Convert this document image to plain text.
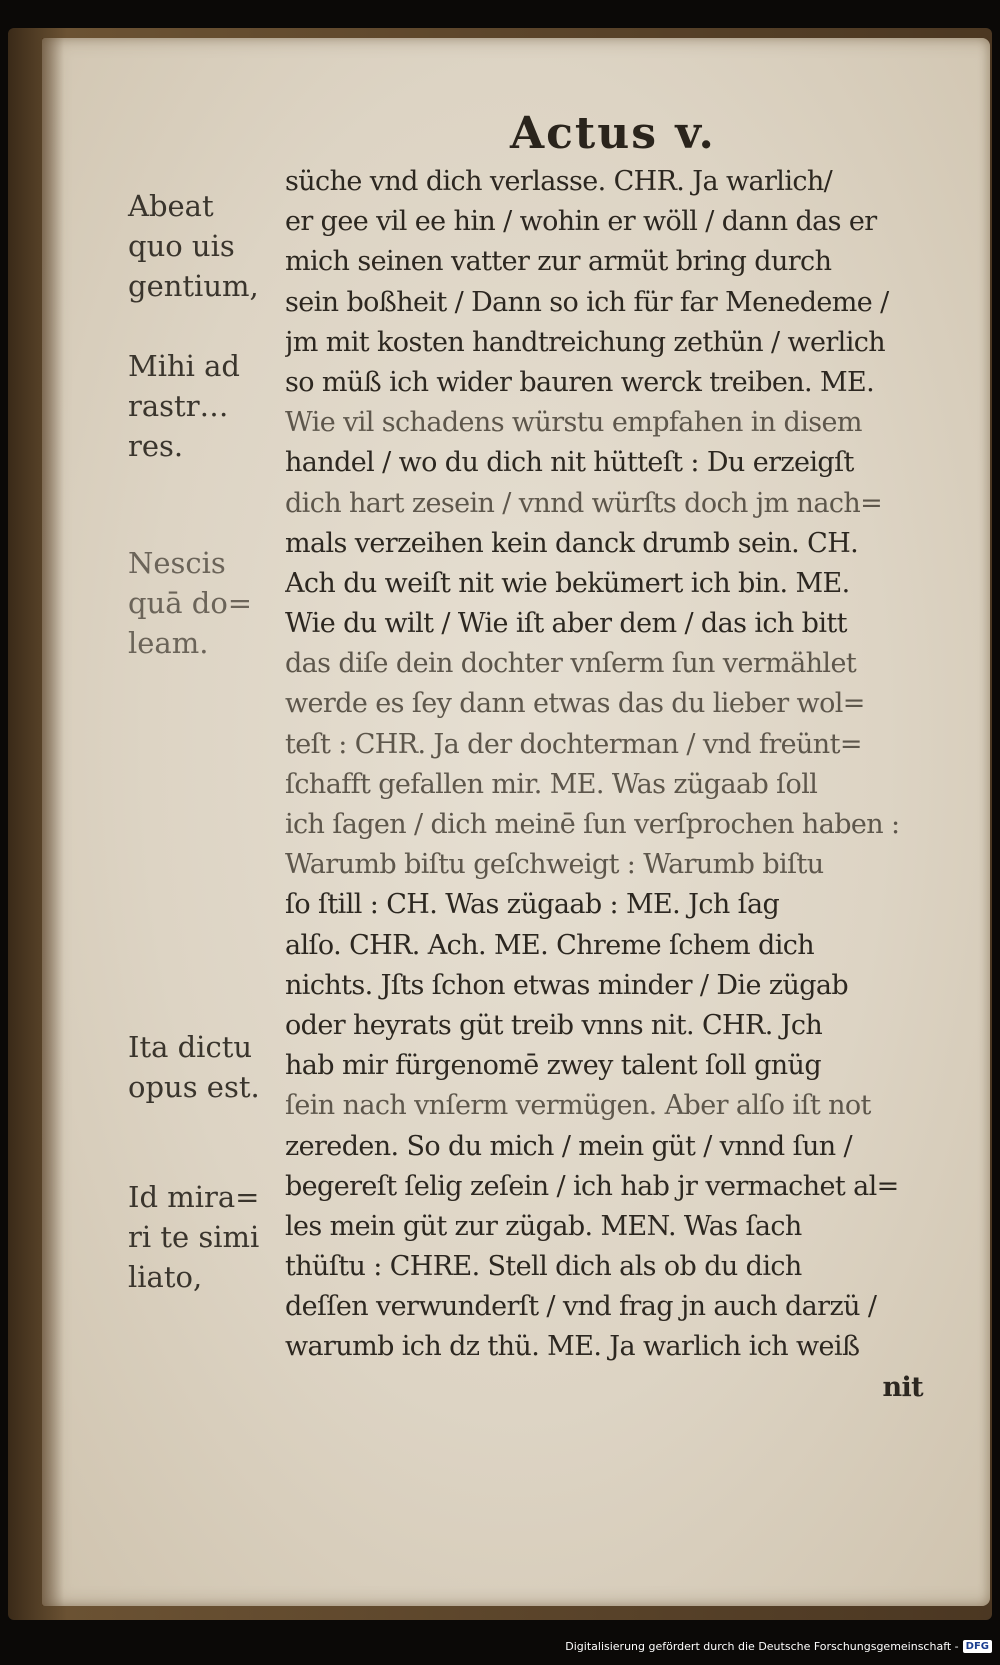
Actus v.
süche vnd dich verlasse. CHR. Ja warlich/
er gee vil ee hin / wohin er wöll / dann das er
mich seinen vatter zur armüt bring durch
sein boßheit / Dann so ich für far Menedeme /
jm mit kosten handtreichung zethün / werlich
so müß ich wider bauren werck treiben. ME.
Wie vil schadens würstu empfahen in disem
handel / wo du dich nit hütteſt : Du erzeigſt
dich hart zesein / vnnd würſts doch jm nach=
mals verzeihen kein danck drumb sein. CH.
Ach du weiſt nit wie bekümert ich bin. ME.
Wie du wilt / Wie iſt aber dem / das ich bitt
das diſe dein dochter vnſerm ſun vermählet
werde es ſey dann etwas das du lieber wol=
teſt : CHR. Ja der dochterman / vnd freünt=
ſchafft gefallen mir. ME. Was zügaab ſoll
ich ſagen / dich meinē ſun verſprochen haben :
Warumb biſtu geſchweigt : Warumb biſtu
ſo ſtill : CH. Was zügaab : ME. Jch ſag
alſo. CHR. Ach. ME. Chreme ſchem dich
nichts. Jſts ſchon etwas minder / Die zügab
oder heyrats güt treib vnns nit. CHR. Jch
hab mir fürgenomē zwey talent ſoll gnüg
ſein nach vnſerm vermügen. Aber alſo iſt not
zereden. So du mich / mein güt / vnnd ſun /
begereſt ſelig zeſein / ich hab jr vermachet al=
les mein güt zur zügab. MEN. Was ſach
thüſtu : CHRE. Stell dich als ob du dich
deſſen verwunderſt / vnd frag jn auch darzü /
warumb ich dz thü. ME. Ja warlich ich weiß
nit
Abeat
quo uis
gentium,
Mihi ad
rastr…
res.
Nescis
quā do=
leam.
Ita dictu
opus est.
Id mira=
ri te simi
liato,
Digitalisierung gefördert durch die Deutsche Forschungsgemeinschaft - DFG
